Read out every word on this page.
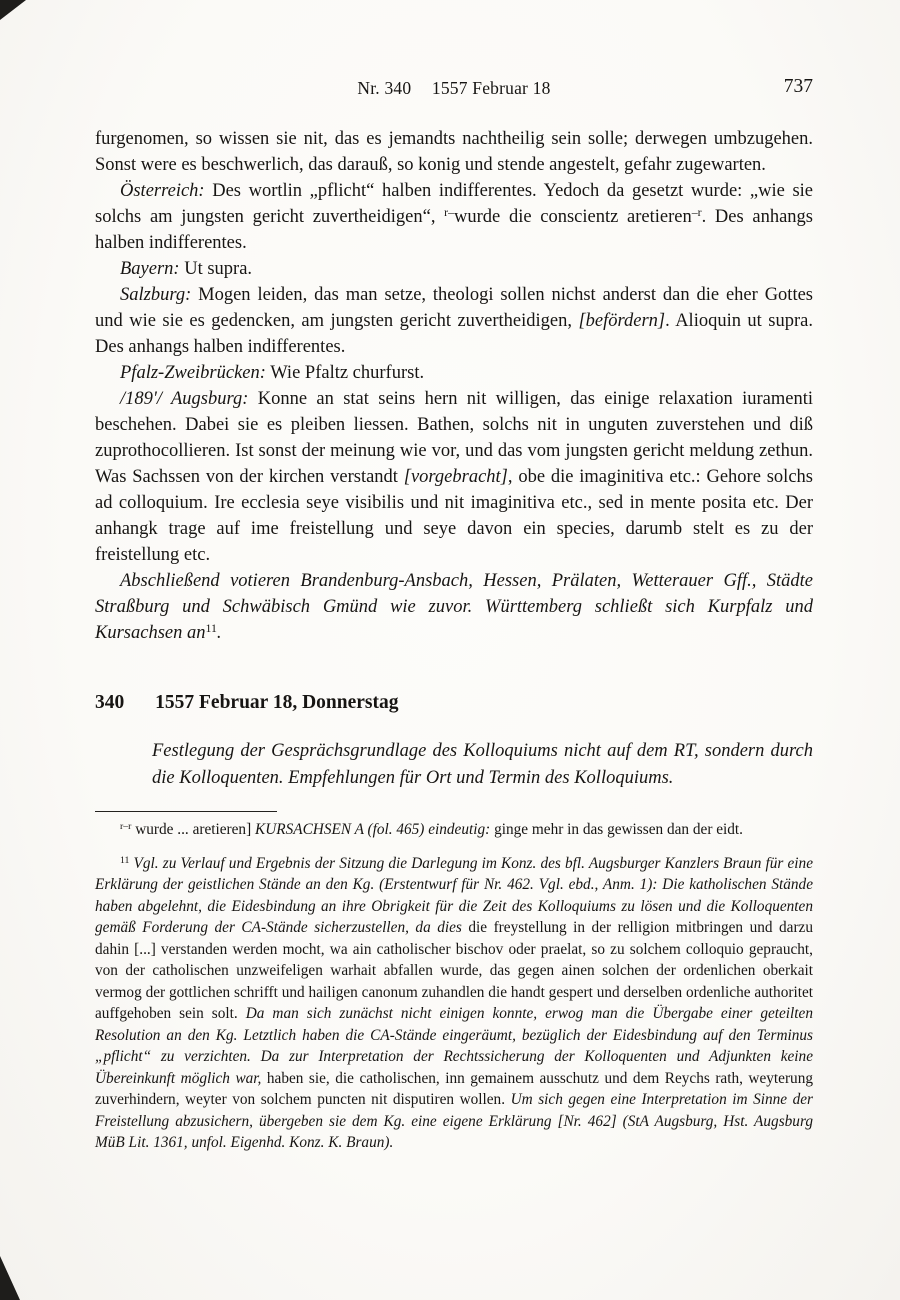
Nr. 340 1557 Februar 18	737

furgenomen, so wissen sie nit, das es jemandts nachtheilig sein solle; derwegen umbzugehen. Sonst were es beschwerlich, das darauß, so konig und stende angestelt, gefahr zugewarten.

Österreich: Des wortlin „pflicht“ halben indifferentes. Yedoch da gesetzt wurde: „wie sie solchs am jungsten gericht zuvertheidigen“, $^{r-}$wurde die conscientz aretieren$^{-r}$. Des anhangs halben indifferentes.

Bayern: Ut supra.

Salzburg: Mogen leiden, das man setze, theologi sollen nichst anderst dan die eher Gottes und wie sie es gedencken, am jungsten gericht zuvertheidigen, [befördern]. Alioquin ut supra. Des anhangs halben indifferentes.

Pfalz-Zweibrücken: Wie Pfaltz churfurst.

/189'/ Augsburg: Konne an stat seins hern nit willigen, das einige relaxation iuramenti beschehen. Dabei sie es pleiben liessen. Bathen, solchs nit in unguten zuverstehen und diß zuprothocollieren. Ist sonst der meinung wie vor, und das vom jungsten gericht meldung zethun. Was Sachssen von der kirchen verstandt [vorgebracht], obe die imaginitiva etc.: Gehore solchs ad colloquium. Ire ecclesia seye visibilis und nit imaginitiva etc., sed in mente posita etc. Der anhangk trage auf ime freistellung und seye davon ein species, darumb stelt es zu der freistellung etc.

Abschließend votieren Brandenburg-Ansbach, Hessen, Prälaten, Wetterauer Gff., Städte Straßburg und Schwäbisch Gmünd wie zuvor. Württemberg schließt sich Kurpfalz und Kursachsen $an^{11}$.

340 1557 Februar 18, Donnerstag

Festlegung der Gesprächsgrundlage des Kolloquiums nicht auf dem RT, sondern durch die Kolloquenten. Empfehlungen für Ort und Termin des Kolloquiums.

$^{r-r}$ wurde ... aretieren] KURSACHSEN A (fol. 465) eindeutig: ginge mehr in das gewissen dan der eidt.

$^{11}$ Vgl. zu Verlauf und Ergebnis der Sitzung die Darlegung im Konz. des bfl. Augsburger Kanzlers Braun für eine Erklärung der geistlichen Stände an den Kg. (Erstentwurf für Nr. 462. Vgl. ebd., Anm. 1): Die katholischen Stände haben abgelehnt, die Eidesbindung an ihre Obrigkeit für die Zeit des Kolloquiums zu lösen und die Kolloquenten gemäß Forderung der CA-Stände sicherzustellen, da dies die freystellung in der relligion mitbringen und darzu dahin [...] verstanden werden mocht, wa ain catholischer bischov oder praelat, so zu solchem colloquio gepraucht, von der catholischen unzweifeligen warhait abfallen wurde, das gegen ainen solchen der ordenlichen oberkait vermog der gottlichen schrifft und hailigen canonum zuhandlen die handt gespert und derselben ordenliche authoritet auffgehoben sein solt. Da man sich zunächst nicht einigen konnte, erwog man die Übergabe einer geteilten Resolution an den Kg. Letztlich haben die CA-Stände eingeräumt, bezüglich der Eidesbindung auf den Terminus „pflicht“ zu verzichten. Da zur Interpretation der Rechtssicherung der Kolloquenten und Adjunkten keine Übereinkunft möglich war, haben sie, die catholischen, inn gemainem ausschutz und dem Reychs rath, weyterung zuverhindern, weyter von solchem puncten nit disputiren wollen. Um sich gegen eine Interpretation im Sinne der Freistellung abzusichern, übergeben sie dem Kg. eine eigene Erklärung [Nr. 462] (StA Augsburg, Hst. Augsburg MüB Lit. 1361, unfol. Eigenhd. Konz. K. Braun).
